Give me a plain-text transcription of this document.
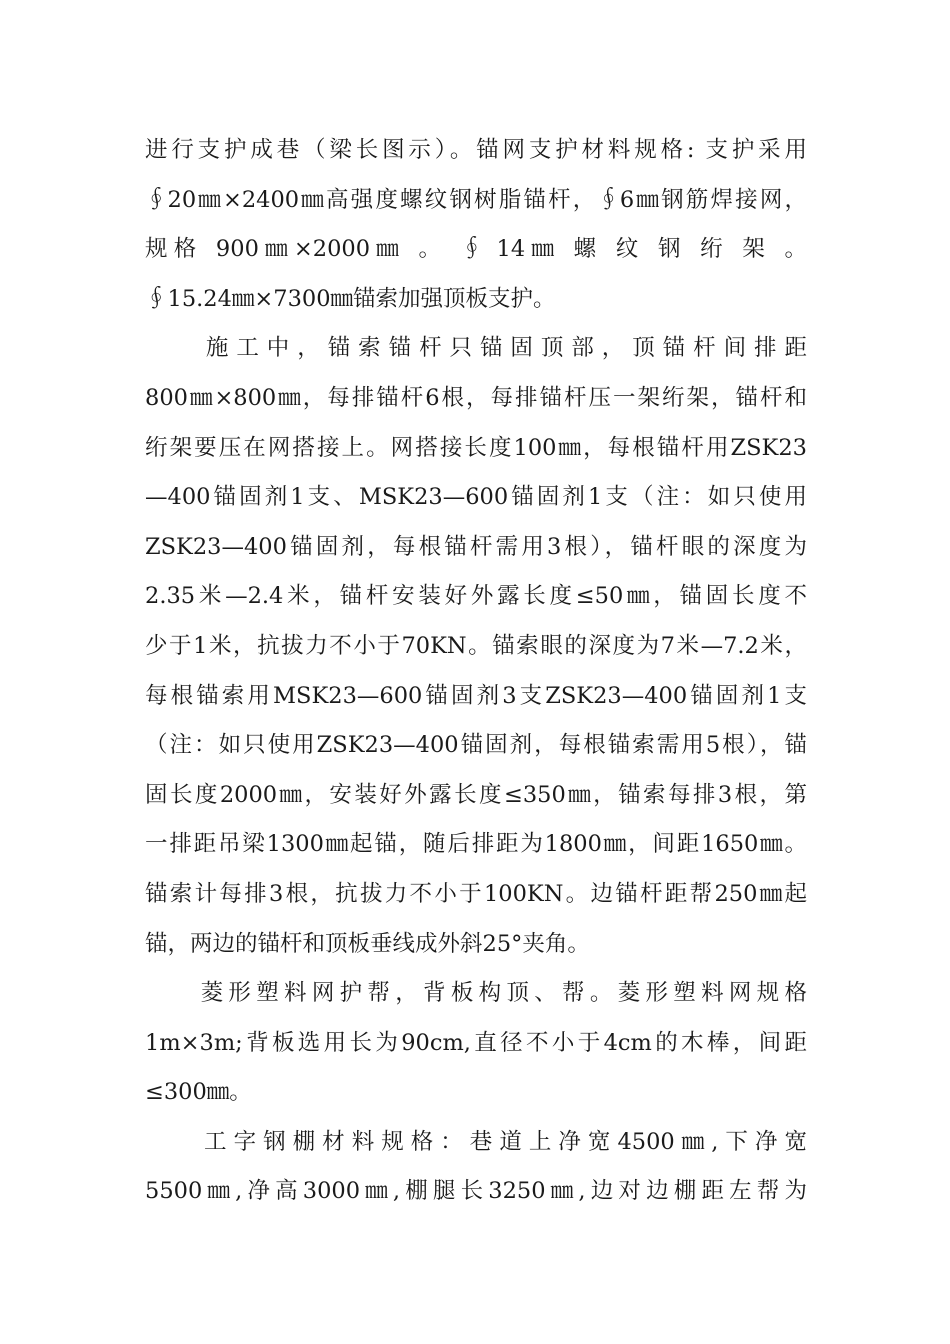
进行支护成巷（梁长图示）。锚网支护材料规格: 支护采用
∮20㎜×2400㎜高强度螺纹钢树脂锚杆，∮6㎜钢筋焊接网，
规格 900㎜×2000㎜ 。 ∮ 14㎜ 螺 纹 钢 绗 架 。
∮15.24㎜×7300㎜锚索加强顶板支护。
　　施工中，锚索锚杆只锚固顶部，顶锚杆间排距
800㎜×800㎜，每排锚杆6根，每排锚杆压一架绗架，锚杆和
绗架要压在网搭接上。网搭接长度100㎜，每根锚杆用ZSK23
—400锚固剂1支、MSK23—600锚固剂1支（注：如只使用
ZSK23—400锚固剂，每根锚杆需用3根），锚杆眼的深度为
2.35米—2.4米，锚杆安装好外露长度≤50㎜，锚固长度不
少于1米，抗拔力不小于70KN。锚索眼的深度为7米—7.2米，
每根锚索用MSK23—600锚固剂3支ZSK23—400锚固剂1支
（注：如只使用ZSK23—400锚固剂，每根锚索需用5根），锚
固长度2000㎜，安装好外露长度≤350㎜，锚索每排3根，第
一排距吊梁1300㎜起锚，随后排距为1800㎜，间距1650㎜。
锚索计每排3根，抗拔力不小于100KN。边锚杆距帮250㎜起
锚，两边的锚杆和顶板垂线成外斜25°夹角。
　　菱形塑料网护帮，背板构顶、帮。菱形塑料网规格
1m×3m;背板选用长为90cm,直径不小于4cm的木棒，间距
≤300㎜。
　　工字钢棚材料规格：巷道上净宽4500㎜,下净宽
5500㎜,净高3000㎜,棚腿长3250㎜,边对边棚距左帮为
